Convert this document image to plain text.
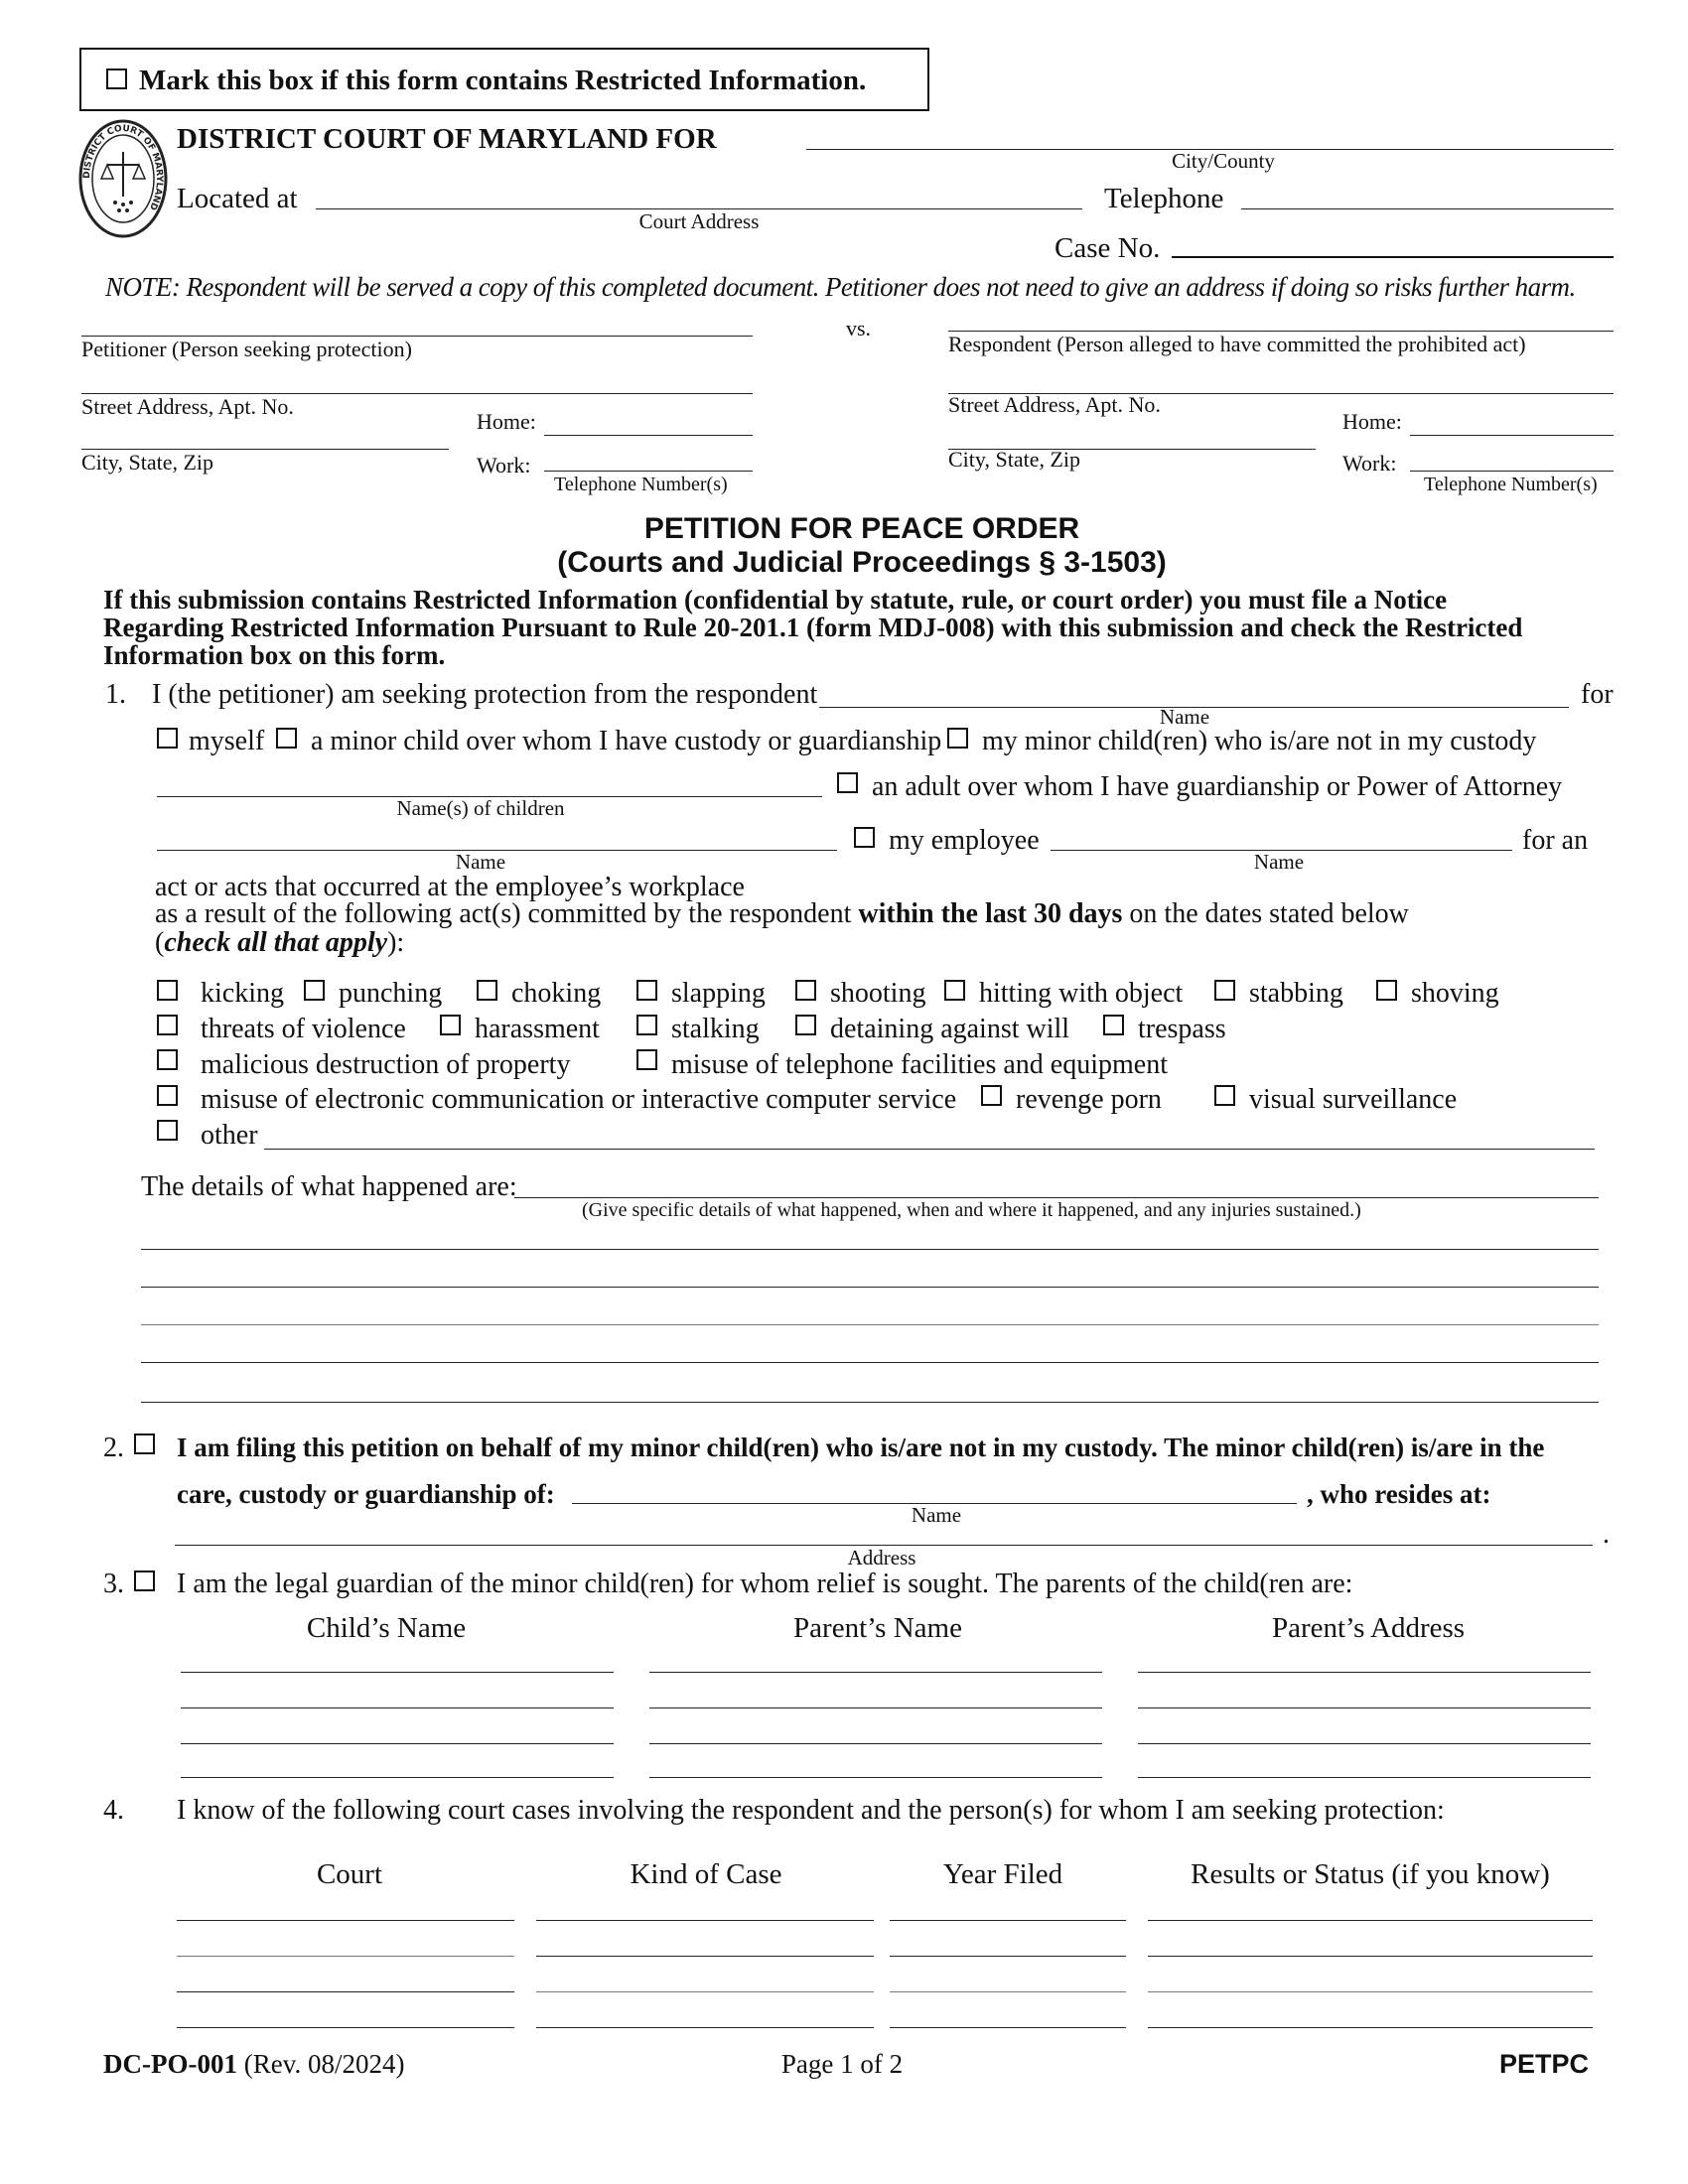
Mark this box if this form contains Restricted Information.
DISTRICT COURT OF MARYLAND
DISTRICT COURT OF MARYLAND FOR
City/County
Located at
Court Address
Telephone
Case No.
NOTE: Respondent will be served a copy of this completed document. Petitioner does not need to give an address if doing so risks further harm.
vs.
Petitioner (Person seeking protection)
Street Address, Apt. No.
Home:
City, State, Zip	Work:
Telephone Number(s)
Respondent (Person alleged to have committed the prohibited act)
Street Address, Apt. No.
Home:
City, State, Zip	Work:
Telephone Number(s)
PETITION FOR PEACE ORDER
(Courts and Judicial Proceedings § 3-1503)
If this submission contains Restricted Information (confidential by statute, rule, or court order) you must file a Notice
Regarding Restricted Information Pursuant to Rule 20-201.1 (form MDJ-008) with this submission and check the Restricted
Information box on this form.
1. I (the petitioner) am seeking protection from the respondent	for
Name
myself a minor child over whom I have custody or guardianship my minor child(ren) who is/are not in my custody
Name(s) of children
an adult over whom I have guardianship or Power of Attorney
Name
my employee
Name
for an
act or acts that occurred at the employee’s workplace
as a result of the following act(s) committed by the respondent within the last 30 days on the dates stated below
(check all that apply):
kicking punching choking	slapping shooting hitting with object stabbing shoving
threats of violence harassment	stalking	detaining against will trespass
malicious destruction of property	misuse of telephone facilities and equipment
misuse of electronic communication or interactive computer service revenge porn	visual surveillance
other
The details of what happened are:
(Give specific details of what happened, when and where it happened, and any injuries sustained.)
2. I am filing this petition on behalf of my minor child(ren) who is/are not in my custody. The minor child(ren) is/are in the
care, custody or guardianship of:
Name
, who resides at:
.
Address
3. I am the legal guardian of the minor child(ren) for whom relief is sought. The parents of the child(ren are:
Child’s Name	Parent’s Name	Parent’s Address
4. I know of the following court cases involving the respondent and the person(s) for whom I am seeking protection:
Court	Kind of Case	Year Filed	Results or Status (if you know)
DC-PO-001 (Rev. 08/2024)	Page 1 of 2	PETPC
